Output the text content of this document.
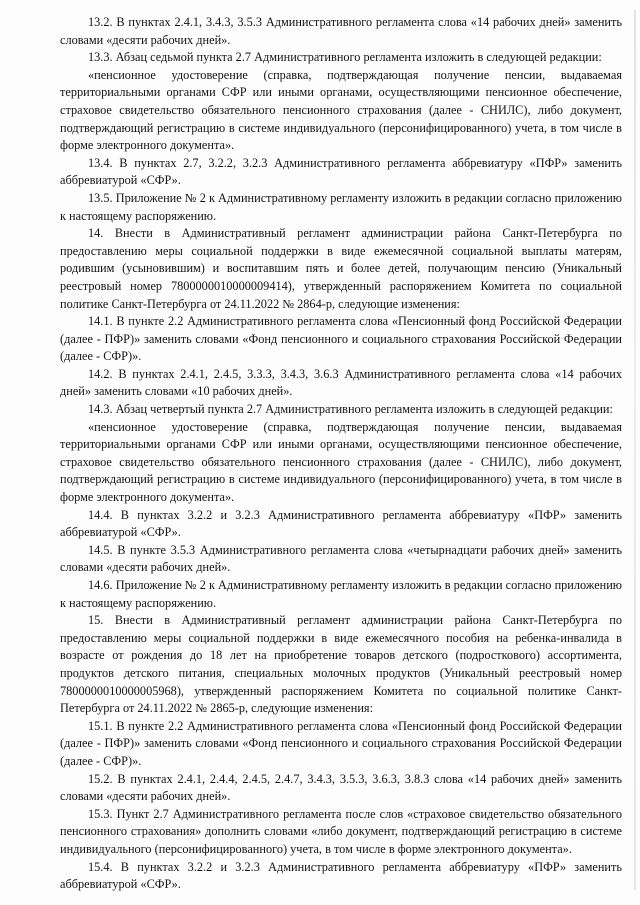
13.2. В пунктах 2.4.1, 3.4.3, 3.5.3 Административного регламента слова «14 рабочих дней» заменить словами «десяти рабочих дней».

13.3. Абзац седьмой пункта 2.7 Административного регламента изложить в следующей редакции:

«пенсионное удостоверение (справка, подтверждающая получение пенсии, выдаваемая территориальными органами СФР или иными органами, осуществляющими пенсионное обеспечение, страховое свидетельство обязательного пенсионного страхования (далее - СНИЛС), либо документ, подтверждающий регистрацию в системе индивидуального (персонифицированного) учета, в том числе в форме электронного документа».

13.4. В пунктах 2.7, 3.2.2, 3.2.3 Административного регламента аббревиатуру «ПФР» заменить аббревиатурой «СФР».

13.5. Приложение № 2 к Административному регламенту изложить в редакции согласно приложению к настоящему распоряжению.

14. Внести в Административный регламент администрации района Санкт-Петербурга по предоставлению меры социальной поддержки в виде ежемесячной социальной выплаты матерям, родившим (усыновившим) и воспитавшим пять и более детей, получающим пенсию (Уникальный реестровый номер 7800000010000009414), утвержденный распоряжением Комитета по социальной политике Санкт-Петербурга от 24.11.2022 № 2864-р, следующие изменения:

14.1. В пункте 2.2 Административного регламента слова «Пенсионный фонд Российской Федерации (далее - ПФР)» заменить словами «Фонд пенсионного и социального страхования Российской Федерации (далее - СФР)».

14.2. В пунктах 2.4.1, 2.4.5, 3.3.3, 3.4.3, 3.6.3 Административного регламента слова «14 рабочих дней» заменить словами «10 рабочих дней».

14.3. Абзац четвертый пункта 2.7 Административного регламента изложить в следующей редакции:

«пенсионное удостоверение (справка, подтверждающая получение пенсии, выдаваемая территориальными органами СФР или иными органами, осуществляющими пенсионное обеспечение, страховое свидетельство обязательного пенсионного страхования (далее - СНИЛС), либо документ, подтверждающий регистрацию в системе индивидуального (персонифицированного) учета, в том числе в форме электронного документа».

14.4. В пунктах 3.2.2 и 3.2.3 Административного регламента аббревиатуру «ПФР» заменить аббревиатурой «СФР».

14.5. В пункте 3.5.3 Административного регламента слова «четырнадцати рабочих дней» заменить словами «десяти рабочих дней».

14.6. Приложение № 2 к Административному регламенту изложить в редакции согласно приложению к настоящему распоряжению.

15. Внести в Административный регламент администрации района Санкт-Петербурга по предоставлению меры социальной поддержки в виде ежемесячного пособия на ребенка-инвалида в возрасте от рождения до 18 лет на приобретение товаров детского (подросткового) ассортимента, продуктов детского питания, специальных молочных продуктов (Уникальный реестровый номер 7800000010000005968), утвержденный распоряжением Комитета по социальной политике Санкт-Петербурга от 24.11.2022 № 2865-р, следующие изменения:

15.1. В пункте 2.2 Административного регламента слова «Пенсионный фонд Российской Федерации (далее - ПФР)» заменить словами «Фонд пенсионного и социального страхования Российской Федерации (далее - СФР)».

15.2. В пунктах 2.4.1, 2.4.4, 2.4.5, 2.4.7, 3.4.3, 3.5.3, 3.6.3, 3.8.3 слова «14 рабочих дней» заменить словами «десяти рабочих дней».

15.3. Пункт 2.7 Административного регламента после слов «страховое свидетельство обязательного пенсионного страхования» дополнить словами «либо документ, подтверждающий регистрацию в системе индивидуального (персонифицированного) учета, в том числе в форме электронного документа».

15.4. В пунктах 3.2.2 и 3.2.3 Административного регламента аббревиатуру «ПФР» заменить аббревиатурой «СФР».
